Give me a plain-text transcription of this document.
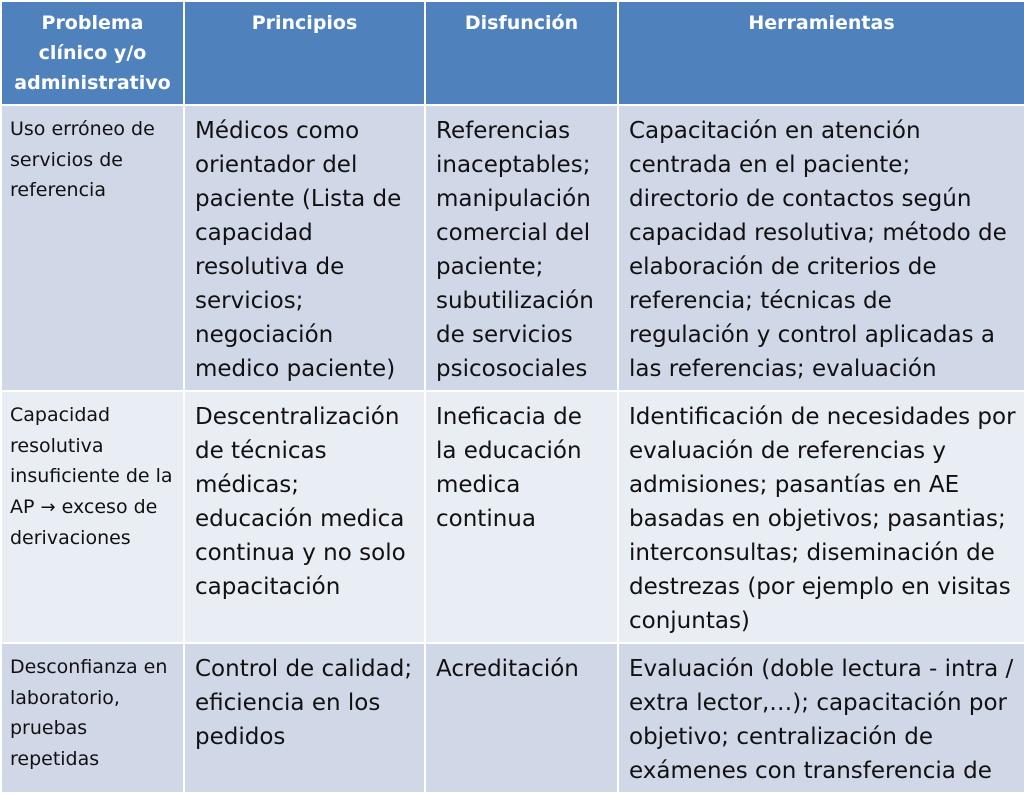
Problema clínico y/o administrativo	Principios	Disfunción	Herramientas
Uso erróneo de servicios de referencia	Médicos como orientador del paciente (Lista de capacidad resolutiva de servicios; negociación medico paciente)	Referencias inaceptables; manipulación comercial del paciente; subutilización de servicios psicosociales	Capacitación en atención centrada en el paciente; directorio de contactos según capacidad resolutiva; método de elaboración de criterios de referencia; técnicas de regulación y control aplicadas a las referencias; evaluación
Capacidad resolutiva insuficiente de la AP → exceso de derivaciones	Descentralización de técnicas médicas; educación medica continua y no solo capacitación	Ineficacia de la educación medica continua	Identificación de necesidades por evaluación de referencias y admisiones; pasantías en AE basadas en objetivos; pasantias; interconsultas; diseminación de destrezas (por ejemplo en visitas conjuntas)
Desconfianza en laboratorio, pruebas repetidas	Control de calidad; eficiencia en los pedidos	Acreditación	Evaluación (doble lectura - intra / extra lector,…); capacitación por objetivo; centralización de exámenes con transferencia de
